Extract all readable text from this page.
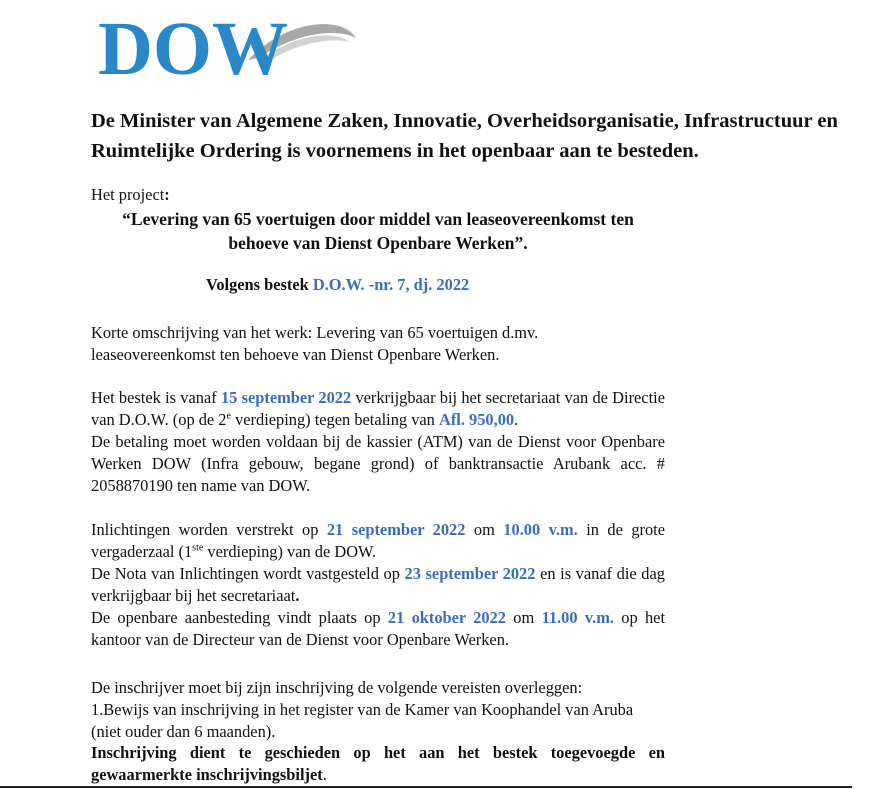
DOW

De Minister van Algemene Zaken, Innovatie, Overheidsorganisatie, Infrastructuur en Ruimtelijke Ordering is voornemens in het openbaar aan te besteden.

Het project:
“Levering van 65 voertuigen door middel van leaseovereenkomst ten
behoeve van Dienst Openbare Werken”.
Volgens bestek D.O.W. -nr. 7, dj. 2022
Korte omschrijving van het werk: Levering van 65 voertuigen d.mv.
leaseovereenkomst ten behoeve van Dienst Openbare Werken.
Het bestek is vanaf 15 september 2022 verkrijgbaar bij het secretariaat van de Directie van D.O.W. (op de 2e verdieping) tegen betaling van Afl. 950,00.
De betaling moet worden voldaan bij de kassier (ATM) van de Dienst voor Openbare Werken DOW (Infra gebouw, begane grond) of banktransactie Arubank acc. # 2058870190 ten name van DOW.
Inlichtingen worden verstrekt op 21 september 2022 om 10.00 v.m. in de grote vergaderzaal (1ste verdieping) van de DOW.
De Nota van Inlichtingen wordt vastgesteld op 23 september 2022 en is vanaf die dag verkrijgbaar bij het secretariaat.
De openbare aanbesteding vindt plaats op 21 oktober 2022 om 11.00 v.m. op het kantoor van de Directeur van de Dienst voor Openbare Werken.
De inschrijver moet bij zijn inschrijving de volgende vereisten overleggen:
1.Bewijs van inschrijving in het register van de Kamer van Koophandel van Aruba (niet ouder dan 6 maanden).
Inschrijving dient te geschieden op het aan het bestek toegevoegde en gewaarmerkte inschrijvingsbiljet.
